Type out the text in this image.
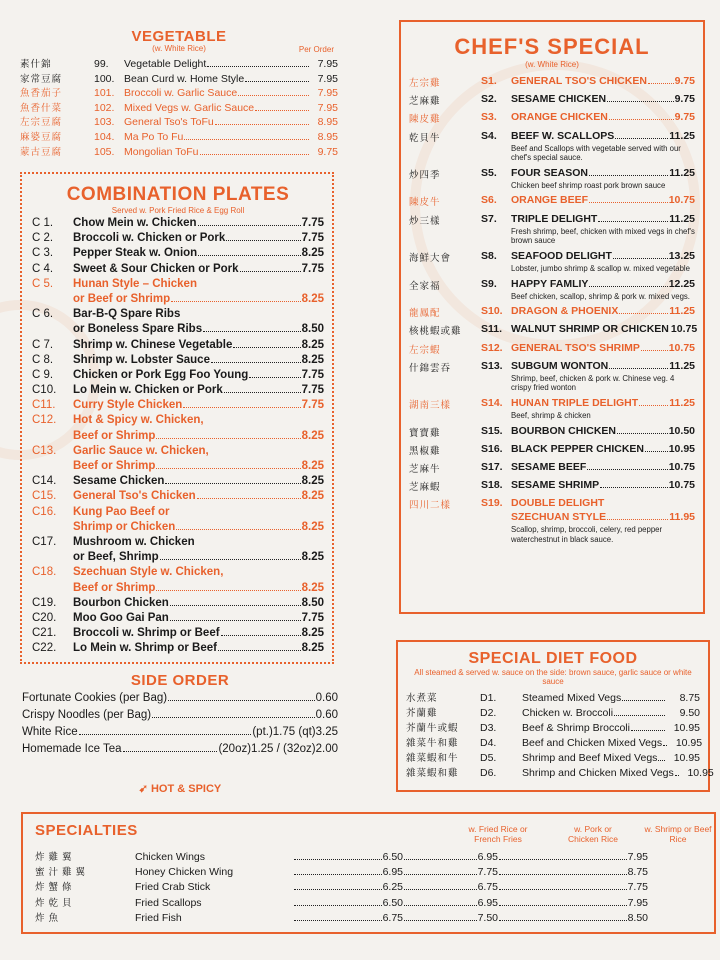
VEGETABLE
(w. White Rice)	Per Order
素什錦	99.	Vegetable Delight	7.95
家常豆腐	100. Bean Curd w. Home Style	7.95
魚香茄子	101. Broccoli w. Garlic Sauce	7.95
魚香什菜	102. Mixed Vegs w. Garlic Sauce	7.95
左宗豆腐	103. General Tso's ToFu	8.95
麻婆豆腐	104. Ma Po To Fu	8.95
蒙古豆腐	105. Mongolian ToFu	9.75
COMBINATION PLATES
Served w. Pork Fried Rice & Egg Roll
C 1.	Chow Mein w. Chicken	7.75
C 2.	Broccoli w. Chicken or Pork	7.75
C 3.	Pepper Steak w. Onion	8.25
C 4.	Sweet & Sour Chicken or Pork	7.75
C 5.	Hunan Style – Chicken
or Beef or Shrimp	8.25
C 6.	Bar-B-Q Spare Ribs
or Boneless Spare Ribs	8.50
C 7.	Shrimp w. Chinese Vegetable	8.25
C 8.	Shrimp w. Lobster Sauce	8.25
C 9.	Chicken or Pork Egg Foo Young	7.75
C10.	Lo Mein w. Chicken or Pork	7.75
C11.	Curry Style Chicken	7.75
C12.	Hot & Spicy w. Chicken,
Beef or Shrimp	8.25
C13.	Garlic Sauce w. Chicken,
Beef or Shrimp	8.25
C14.	Sesame Chicken	8.25
C15.	General Tso's Chicken	8.25
C16.	Kung Pao Beef or
Shrimp or Chicken	8.25
C17.	Mushroom w. Chicken
or Beef, Shrimp	8.25
C18.	Szechuan Style w. Chicken,
Beef or Shrimp	8.25
C19.	Bourbon Chicken	8.50
C20.	Moo Goo Gai Pan	7.75
C21.	Broccoli w. Shrimp or Beef	8.25
C22.	Lo Mein w. Shrimp or Beef	8.25
SIDE ORDER
Fortunate Cookies (per Bag)	0.60
Crispy Noodles (per Bag)	0.60
White Rice	(pt.)1.75 (qt)3.25
Homemade Ice Tea	(20oz)1.25 / (32oz)2.00
➹ HOT & SPICY
CHEF'S SPECIAL
(w. White Rice)
左宗雞	S1.	GENERAL TSO'S CHICKEN	9.75
芝麻雞	S2.	SESAME CHICKEN	9.75
陳皮雞	S3.	ORANGE CHICKEN	9.75
乾貝牛	S4.	BEEF W. SCALLOPS	11.25
Beef and Scallops with vegetable served with our chef's special sauce.
炒四季	S5.	FOUR SEASON	11.25
Chicken beef shrimp roast pork brown sauce
陳皮牛	S6.	ORANGE BEEF	10.75
炒三樣	S7.	TRIPLE DELIGHT	11.25
Fresh shrimp, beef, chicken with mixed vegs in chef's brown sauce
海鮮大會	S8.	SEAFOOD DELIGHT	13.25
Lobster, jumbo shrimp & scallop w. mixed vegetable
全家福	S9.	HAPPY FAMLIY	12.25
Beef chicken, scallop, shrimp & pork w. mixed vegs.
龍鳳配	S10. DRAGON & PHOENIX	11.25
核桃蝦或雞	S11. WALNUT SHRIMP OR CHICKEN 10.75
左宗蝦	S12. GENERAL TSO'S SHRIMP	10.75
什錦雲吞	S13. SUBGUM WONTON	11.25
Shrimp, beef, chicken & pork w. Chinese veg. 4 crispy fried wonton
湖南三樣	S14. HUNAN TRIPLE DELIGHT	11.25
Beef, shrimp & chicken
寶寶雞	S15. BOURBON CHICKEN	10.50
黑椒雞	S16. BLACK PEPPER CHICKEN 10.95
芝麻牛	S17. SESAME BEEF	10.75
芝麻蝦	S18. SESAME SHRIMP	10.75
四川二樣	S19. DOUBLE DELIGHT
SZECHUAN STYLE	11.95
Scallop, shrimp, broccoli, celery, red pepper waterchestnut in black sauce.
SPECIAL DIET FOOD
All steamed & served w. sauce on the side: brown sauce, garlic sauce or white sauce
水煮菜	D1.	Steamed Mixed Vegs	8.75
芥蘭雞	D2.	Chicken w. Broccoli	9.50
芥蘭牛或蝦	D3.	Beef & Shrimp Broccoli	10.95
雜菜牛和雞	D4.	Beef and Chicken Mixed Vegs	10.95
雜菜蝦和牛	D5.	Shrimp and Beef Mixed Vegs	10.95
雜菜蝦和雞	D6.	Shrimp and Chicken Mixed Vegs	10.95
SPECIALTIES	w. Fried Rice or French Fries
w. Pork or Chicken Rice
w. Shrimp or Beef Rice
炸雞翼	Chicken Wings	6.50	6.95	7.95
蜜汁雞翼	Honey Chicken Wing	6.95	7.75	8.75
炸蟹條	Fried Crab Stick	6.25	6.75	7.75
炸乾貝	Fried Scallops	6.50	6.95	7.95
炸魚	Fried Fish	6.75	7.50	8.50
